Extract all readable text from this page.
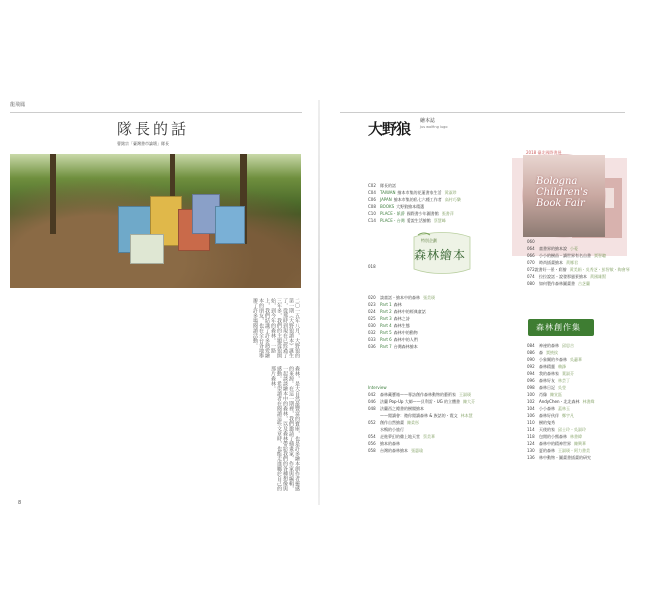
龍飛鳳
隊長的話
曹銘宗「臺灣書市論壇」隊長
二〇一五年八月，大野狼的第一期《大野狼讀本》誕生了，從那時到現在已經過了三年多，我們的主題從狼開始，到今年的森林。一路上，我們結識了許多熱愛繪本的朋友，也在全台各地舉辦了許多場閱讀活動。
森林，是大自然最豐富的寶庫，也是許多繪本創作者靈感的來源。在這一期裡，我們邀請了插畫家、作家與編輯，一起談談繪本中的森林，以及森林帶給我們的各種想像與感動。希望讀者在閱讀這些文章時，也能走進屬於自己的那片森林。
8
大野狼 繪本誌
Jus wolfing lugo
C02	隊長的話
C04	TAIWAN 繪本市集的花蓮書家生活 黃淑珍
C06	JAPAN 繪本市集的私七六種工作者 高村巧樂
C08	BOOKS 大野狼繪本精選
C10	PLACE・紙爵 國際書少年圖書館 張書萍
C14	PLACE・台灣 愛說生活繪館 蔡慧峰
特別企劃
森林繪本
018
020	談童話・繪本中的森林 張美瑛
023	Part 1 森林
024	Part 2 森林中的經典童話
025	Part 3 森林之詩
030	Part 4 森林生態
032	Part 5 森林中的動物
033	Part 6 森林中的人們
036	Part 7 台灣森林繪本
Interview
042	森林藏寶箱——專訪創作森林動物的藝術家 王淑瑛
046	法蘭 Pop-Up 大師——貝利雷・UG 的立體書 陳大芬
048	法蘭西之總書的樹閣繪本
——閱讀會：邀你閱讀森林 & 族話的・霞文 林本慧
052	創作自然繪畫 陳柔彤
水鴨的小旅行
054	走進夢幻的雞上地天堂 蔡美華
056	繪本的森林
058	台灣的森林繪本 張惠瑜
2018 臺北國際書展
Bologna Children's Book Fair
060
064	童書界的繪本說 小菱
066	小小的樹苗・讀世界有名自書 賈智聰
070	時尚插畫繪本 黃娜君
072 說書好一景・彩繪 黃美娟・吳秀芝・彭智敏・陶會琴
074	拉拉說話・說發那風景繪本 黃國雄賢
080	如何製作森林圖畫書 古芝蘭
森林創作集
084	神祕的森林 邱思吉
086	森 賈綾紋
090	小象爾的多森林 吳蕙華
092	森林精靈 賴鋒
094	我的森林家 葉淑芬
096	森林好友 林芸丁
098	森林日記 吳瑩
100	肖像 陳宣鈺
102	AndyChen・北北森林 林書緯
104	小小森林 蓋林玉
106	森林好伙伴 鄭宇凡
110	樹的鬼秀
114	天使的家 邱士玲・吳淑玲
118	包閒的小熊森林 林書緯
124	森林中的精神世界 陳興華
130	夏的森林 王淑瑛・阿力書美
136	林中動物・圖畫書插畫的研究
